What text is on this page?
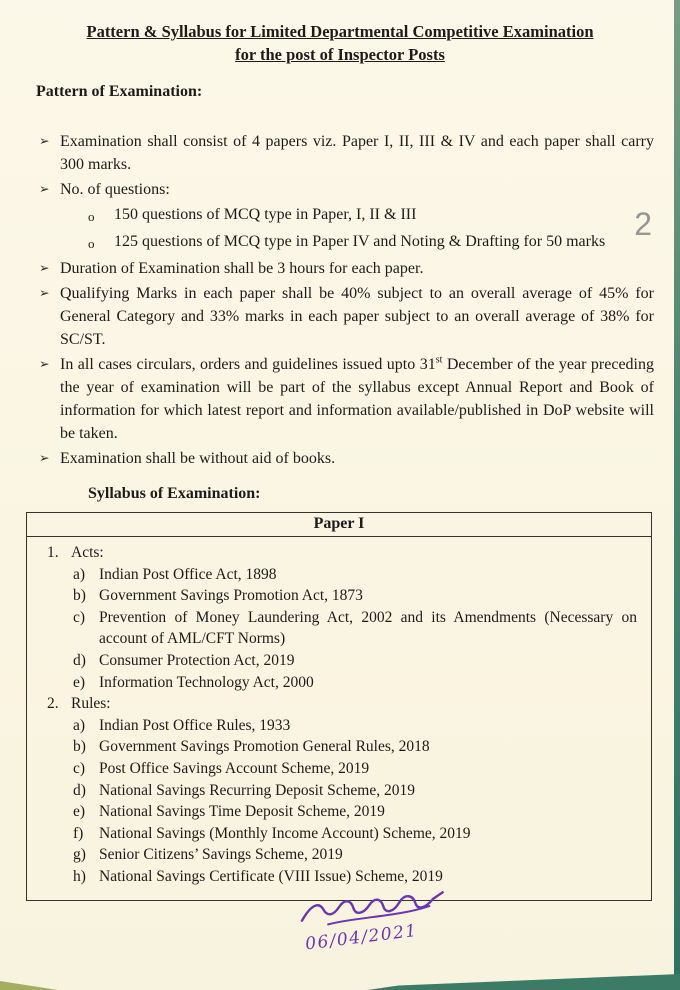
Pattern & Syllabus for Limited Departmental Competitive Examination
for the post of Inspector Posts
Pattern of Examination:
➢ Examination shall consist of 4 papers viz. Paper I, II, III & IV and each paper shall carry 300 marks.
➢ No. of questions:
o	150 questions of MCQ type in Paper, I, II & III
o	125 questions of MCQ type in Paper IV and Noting & Drafting for 50 marks
➢ Duration of Examination shall be 3 hours for each paper.
➢ Qualifying Marks in each paper shall be 40% subject to an overall average of 45% for General Category and 33% marks in each paper subject to an overall average of 38% for SC/ST.
➢ In all cases circulars, orders and guidelines issued upto 31st December of the year preceding the year of examination will be part of the syllabus except Annual Report and Book of information for which latest report and information available/published in DoP website will be taken.
➢ Examination shall be without aid of books.
Syllabus of Examination:
Paper I
1. Acts:
a) Indian Post Office Act, 1898
b) Government Savings Promotion Act, 1873
c) Prevention of Money Laundering Act, 2002 and its Amendments (Necessary on account of AML/CFT Norms)
d) Consumer Protection Act, 2019
e) Information Technology Act, 2000
2. Rules:
a) Indian Post Office Rules, 1933
b) Government Savings Promotion General Rules, 2018
c) Post Office Savings Account Scheme, 2019
d) National Savings Recurring Deposit Scheme, 2019
e) National Savings Time Deposit Scheme, 2019
f)	National Savings (Monthly Income Account) Scheme, 2019
g) Senior Citizens’ Savings Scheme, 2019
h) National Savings Certificate (VIII Issue) Scheme, 2019
2
06/04/2021
